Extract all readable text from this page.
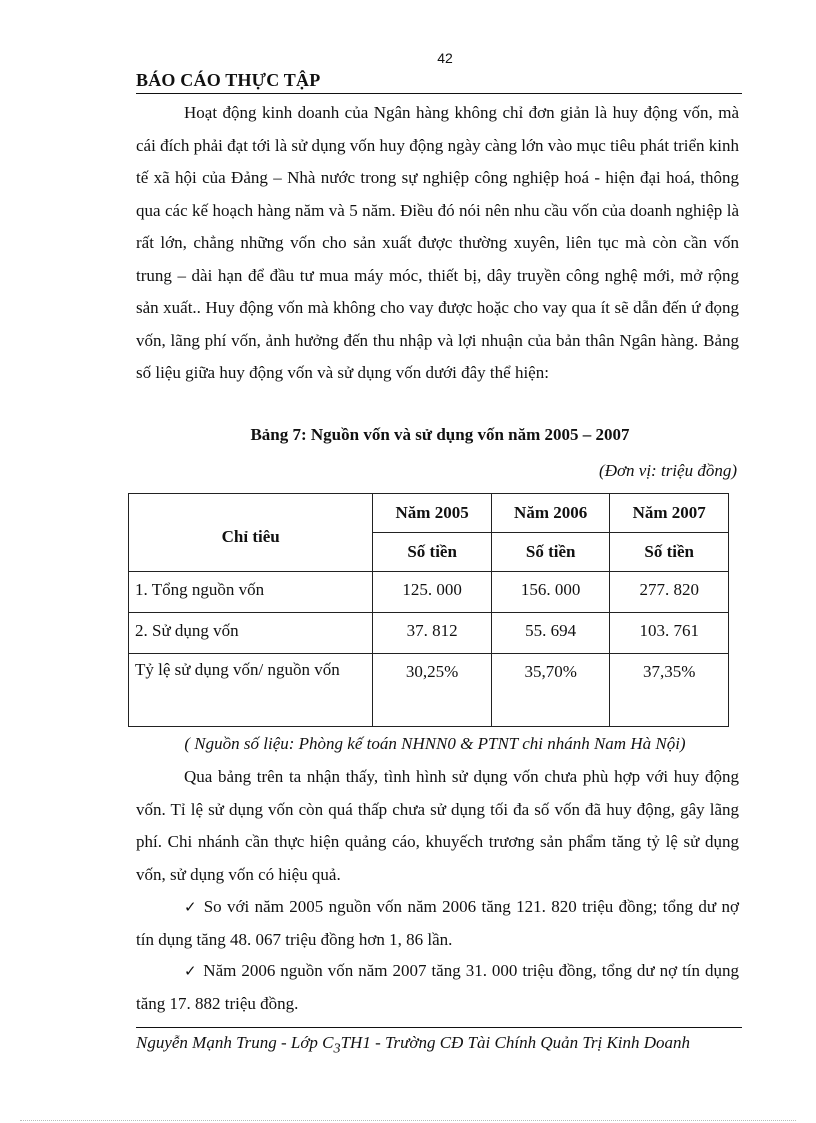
42
BÁO CÁO THỰC TẬP

Hoạt động kinh doanh của Ngân hàng không chỉ đơn giản là huy động vốn, mà cái đích phải đạt tới là sử dụng vốn huy động ngày càng lớn vào mục tiêu phát triển kinh tế xã hội của Đảng – Nhà nước trong sự nghiệp công nghiệp hoá - hiện đại hoá, thông qua các kế hoạch hàng năm và 5 năm. Điều đó nói nên nhu cầu vốn của doanh nghiệp là rất lớn, chẳng những vốn cho sản xuất được thường xuyên, liên tục mà còn cần vốn trung – dài hạn để đầu tư mua máy móc, thiết bị, dây truyền công nghệ mới, mở rộng sản xuất.. Huy động vốn mà không cho vay được hoặc cho vay qua ít sẽ dẫn đến ứ đọng vốn, lãng phí vốn, ảnh hưởng đến thu nhập và lợi nhuận của bản thân Ngân hàng. Bảng số liệu giữa huy động vốn và sử dụng vốn dưới đây thể hiện:

Bảng 7: Nguồn vốn và sử dụng vốn năm 2005 – 2007
(Đơn vị: triệu đồng)
Chỉ tiêu	Năm 2005	Năm 2006	Năm 2007
	Số tiền	Số tiền	Số tiền
1. Tổng nguồn vốn	125. 000	156. 000	277. 820
2. Sử dụng vốn	37. 812	55. 694	103. 761
Tỷ lệ sử dụng vốn/ nguồn vốn	30,25%	35,70%	37,35%
( Nguồn số liệu: Phòng kế toán NHNN0 & PTNT chi nhánh Nam Hà Nội)

Qua bảng trên ta nhận thấy, tình hình sử dụng vốn chưa phù hợp với huy động vốn. Tỉ lệ sử dụng vốn còn quá thấp chưa sử dụng tối đa số vốn đã huy động, gây lãng phí. Chi nhánh cần thực hiện quảng cáo, khuyếch trương sản phẩm tăng tỷ lệ sử dụng vốn, sử dụng vốn có hiệu quả.

✓ So với năm 2005 nguồn vốn năm 2006 tăng 121. 820 triệu đồng; tổng dư nợ tín dụng tăng 48. 067 triệu đồng hơn 1, 86 lần.

✓ Năm 2006 nguồn vốn năm 2007 tăng 31. 000 triệu đồng, tổng dư nợ tín dụng tăng 17. 882 triệu đồng.

Nguyễn Mạnh Trung - Lớp $C_3TH1$ - Trường CĐ Tài Chính Quản Trị Kinh Doanh
